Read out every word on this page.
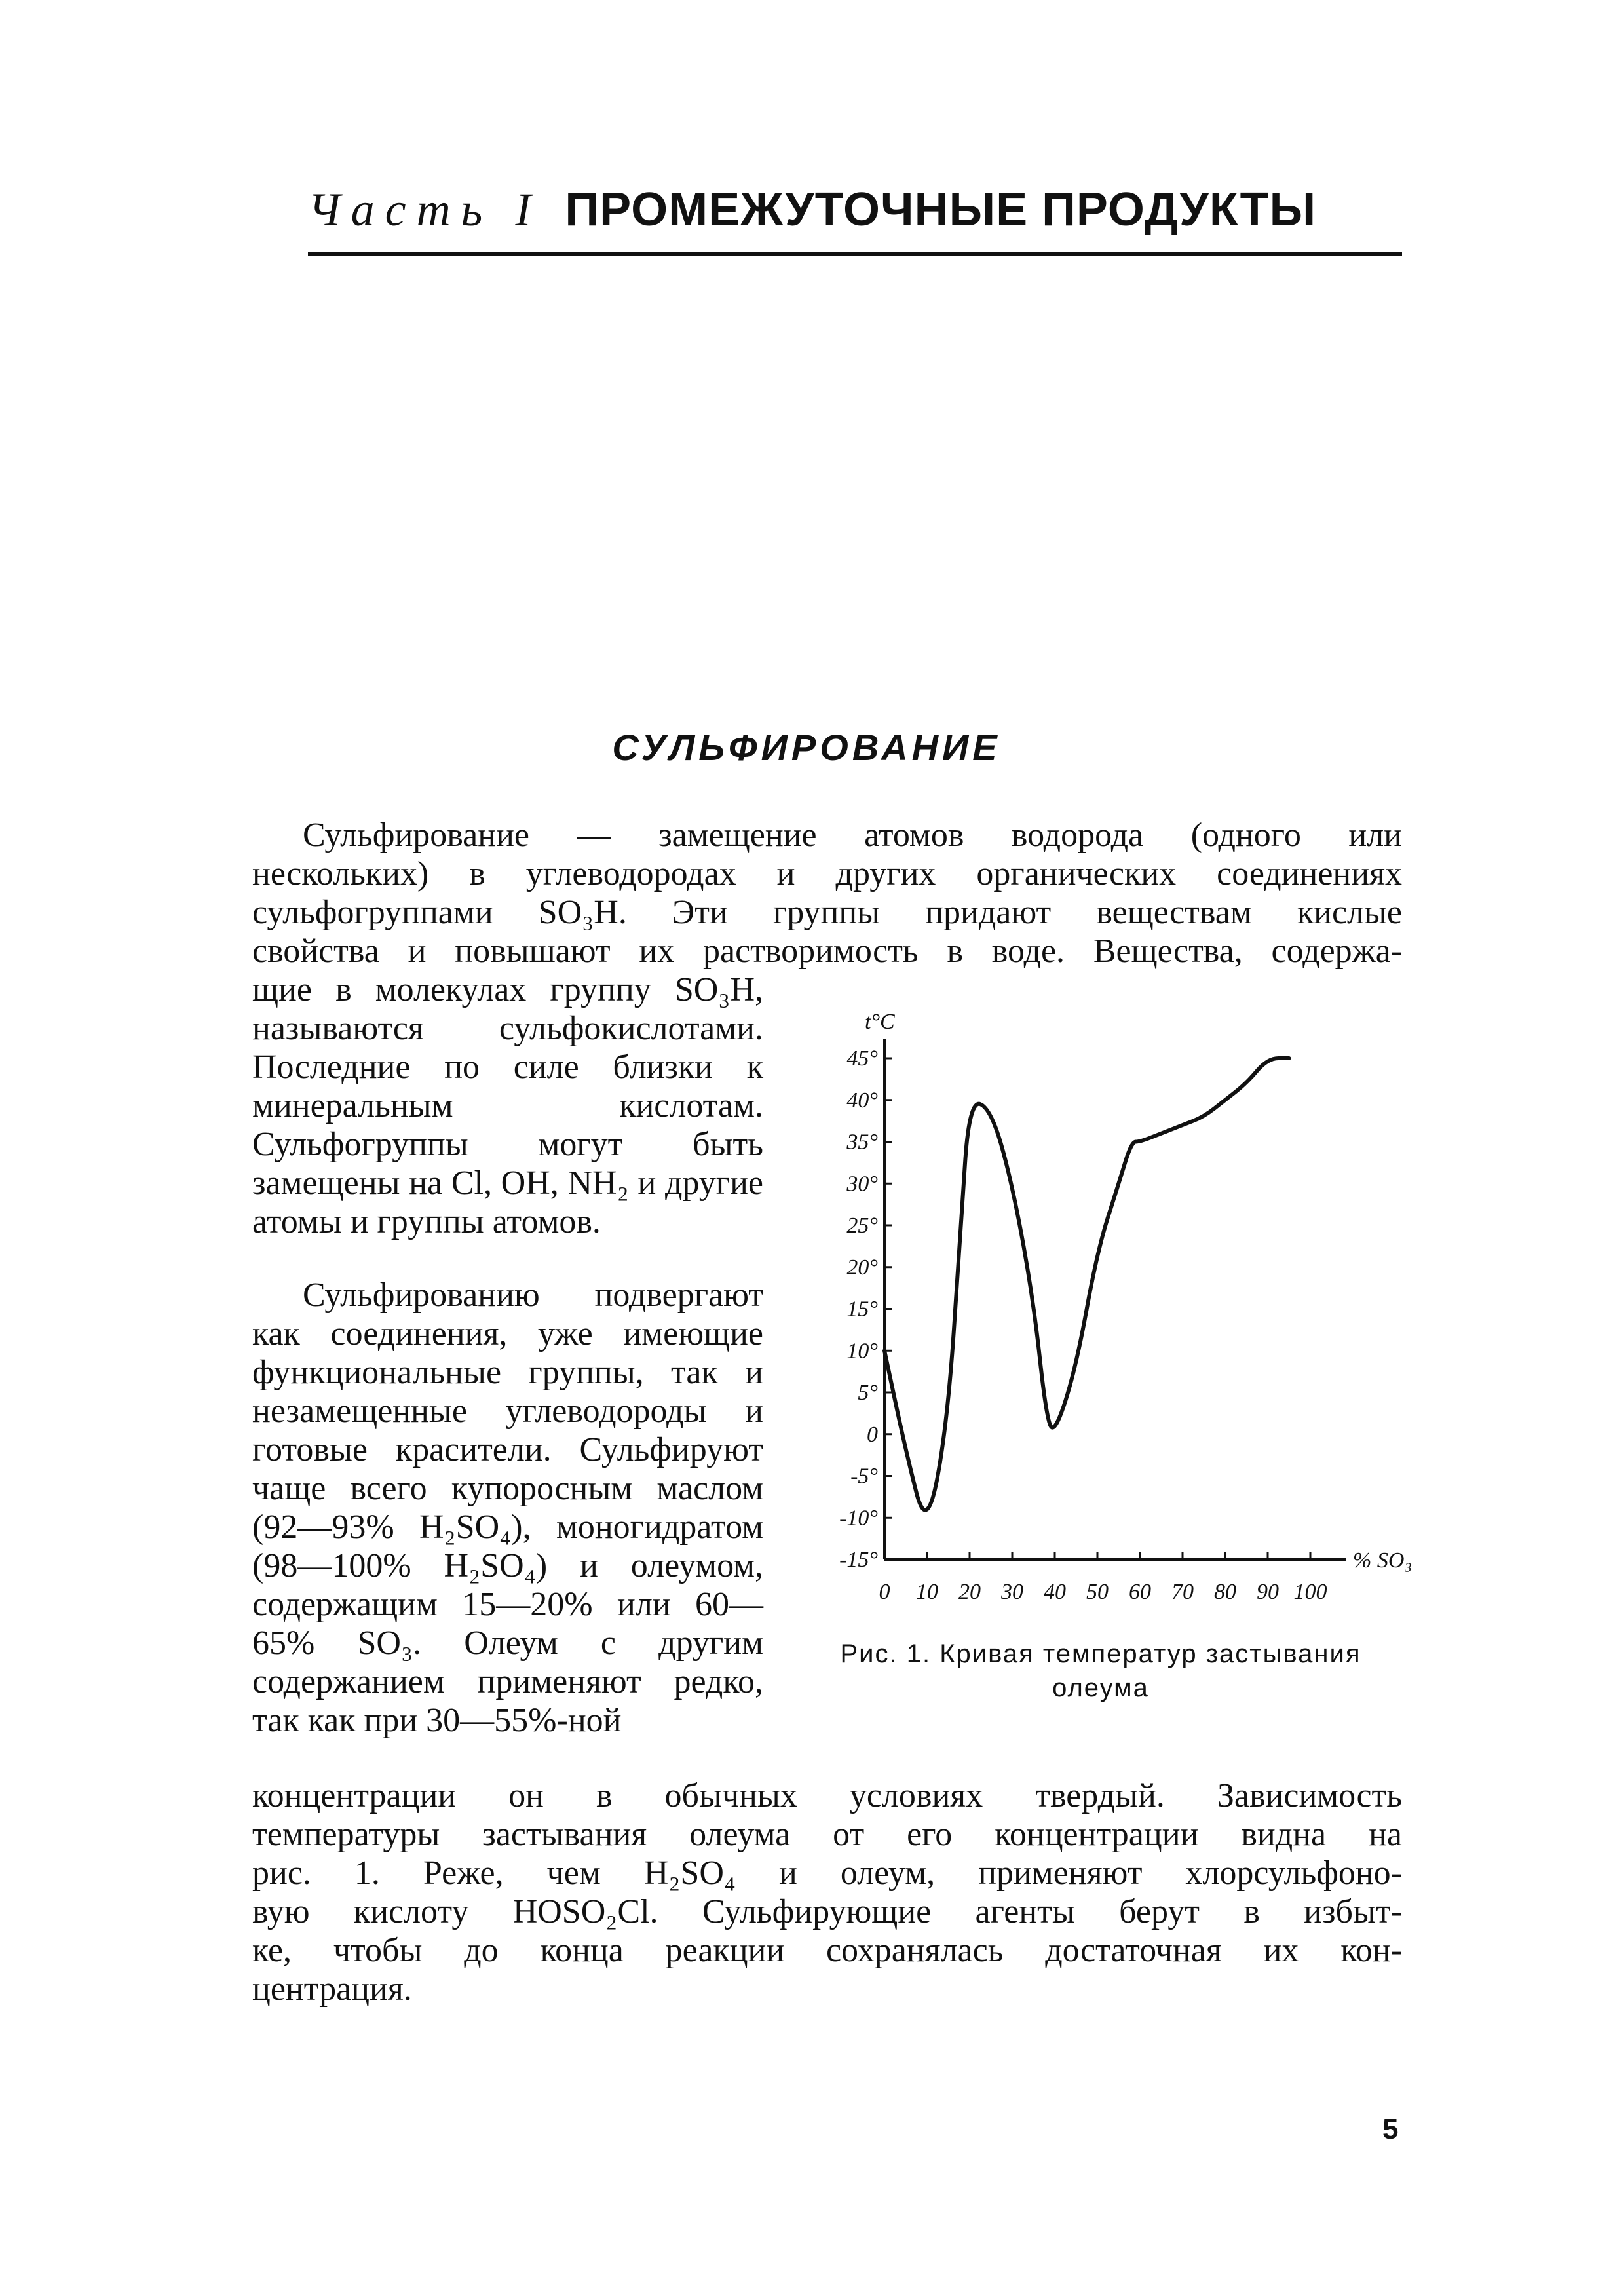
Часть I ПРОМЕЖУТОЧНЫЕ ПРОДУКТЫ
СУЛЬФИРОВАНИЕ
Сульфирование — замещение атомов водорода (одного или
нескольких) в углеводородах и других органических соединениях
сульфогруппами SO₃H. Эти группы придают веществам кислые
свойства и повышают их растворимость в воде. Вещества, содержа-
щие в молекулах группу SO₃H, называются сульфокислотами. Последние по силе близки к минеральным кислотам. Сульфогруппы могут быть замещены на Cl, OH, NH₂ и другие атомы и группы атомов.
Сульфированию подвергают как соединения, уже имеющие функциональные группы, так и незамещенные углеводороды и готовые красители. Сульфируют чаще всего купоросным маслом (92—93% H₂SO₄), моногидратом (98—100% H₂SO₄) и олеумом, содержащим 15—20% или 60—65% SO₃. Олеум с другим содержанием применяют редко, так как при 30—55%-ной
концентрации он в обычных условиях твердый. Зависимость
температуры застывания олеума от его концентрации видна на
рис. 1. Реже, чем H₂SO₄ и олеум, применяют хлорсульфоно-
вую кислоту HOSO₂Cl. Сульфирующие агенты берут в избыт-
ке, чтобы до конца реакции сохранялась достаточная их кон-
центрация.
t°C
% SO₃
45°
40°
35°
30°
25°
20°
15°
10°
5°
0
-5°
-10°
-15°
0 10 20 30 40 50 60 70 80 90 100
Рис. 1. Кривая температур застывания олеума
5
